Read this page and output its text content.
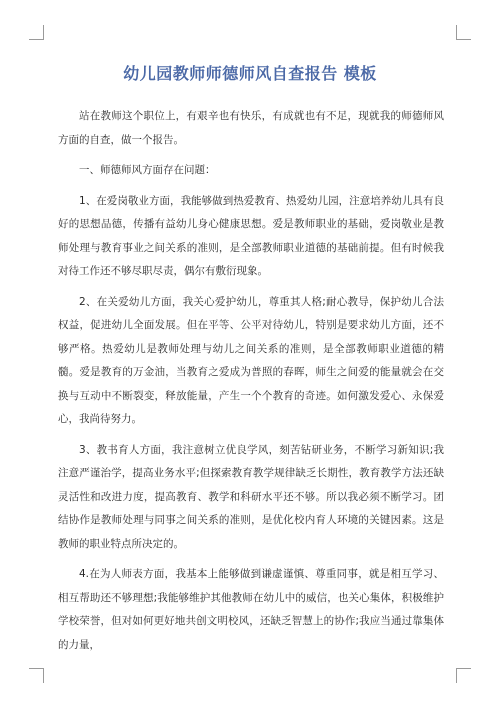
幼儿园教师师德师风自查报告 模板

站在教师这个职位上，有艰辛也有快乐，有成就也有不足，现就我的师德师风方面的自查，做一个报告。

一、师德师风方面存在问题：

1、在爱岗敬业方面，我能够做到热爱教育、热爱幼儿园，注意培养幼儿具有良好的思想品德，传播有益幼儿身心健康思想。爱是教师职业的基础，爱岗敬业是教师处理与教育事业之间关系的准则，是全部教师职业道德的基础前提。但有时候我对待工作还不够尽职尽责，偶尔有敷衍现象。

2、在关爱幼儿方面，我关心爱护幼儿，尊重其人格;耐心教导，保护幼儿合法权益，促进幼儿全面发展。但在平等、公平对待幼儿，特别是要求幼儿方面，还不够严格。热爱幼儿是教师处理与幼儿之间关系的准则，是全部教师职业道德的精髓。爱是教育的万金油，当教育之爱成为普照的春晖，师生之间爱的能量就会在交换与互动中不断裂变，释放能量，产生一个个教育的奇迹。如何激发爱心、永保爱心，我尚待努力。

3、教书育人方面，我注意树立优良学风，刻苦钻研业务，不断学习新知识;我注意严谨治学，提高业务水平;但探索教育教学规律缺乏长期性，教育教学方法还缺灵活性和改进力度，提高教育、教学和科研水平还不够。所以我必须不断学习。团结协作是教师处理与同事之间关系的准则，是优化校内育人环境的关键因素。这是教师的职业特点所决定的。

4.在为人师表方面，我基本上能够做到谦虚谨慎、尊重同事，就是相互学习、相互帮助还不够理想;我能够维护其他教师在幼儿中的威信，也关心集体，积极维护学校荣誉，但对如何更好地共创文明校风，还缺乏智慧上的协作;我应当通过靠集体的力量，
